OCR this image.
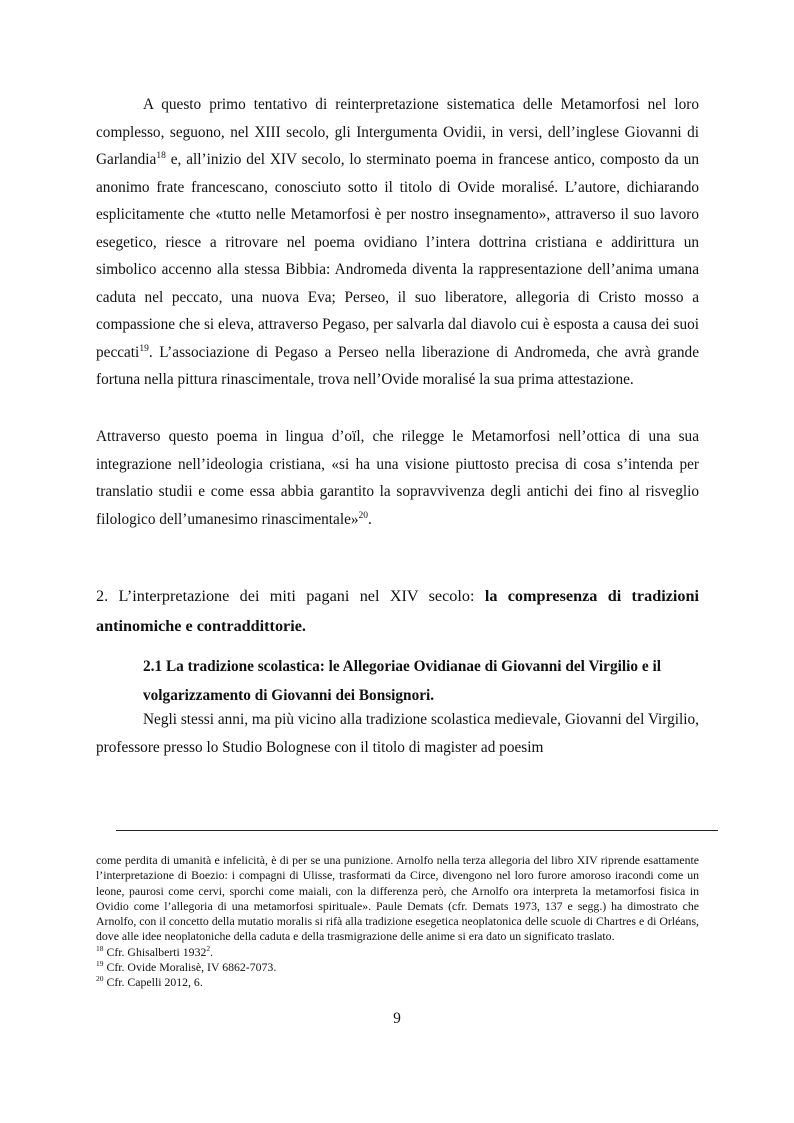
A questo primo tentativo di reinterpretazione sistematica delle Metamorfosi nel loro complesso, seguono, nel XIII secolo, gli Intergumenta Ovidii, in versi, dell’inglese Giovanni di Garlandia$^{18}$ e, all’inizio del XIV secolo, lo sterminato poema in francese antico, composto da un anonimo frate francescano, conosciuto sotto il titolo di Ovide moralisé. L’autore, dichiarando esplicitamente che «tutto nelle Metamorfosi è per nostro insegnamento», attraverso il suo lavoro esegetico, riesce a ritrovare nel poema ovidiano l’intera dottrina cristiana e addirittura un simbolico accenno alla stessa Bibbia: Andromeda diventa la rappresentazione dell’anima umana caduta nel peccato, una nuova Eva; Perseo, il suo liberatore, allegoria di Cristo mosso a compassione che si eleva, attraverso Pegaso, per salvarla dal diavolo cui è esposta a causa dei suoi peccati$^{19}$. L’associazione di Pegaso a Perseo nella liberazione di Andromeda, che avrà grande fortuna nella pittura rinascimentale, trova nell’Ovide moralisé la sua prima attestazione.

Attraverso questo poema in lingua d’oïl, che rilegge le Metamorfosi nell’ottica di una sua integrazione nell’ideologia cristiana, «si ha una visione piuttosto precisa di cosa s’intenda per translatio studii e come essa abbia garantito la sopravvivenza degli antichi dei fino al risveglio filologico dell’umanesimo rinascimentale»$^{20}$.

2. L’interpretazione dei miti pagani nel XIV secolo: la compresenza di tradizioni antinomiche e contraddittorie.
2.1 La tradizione scolastica: le Allegoriae Ovidianae di Giovanni del Virgilio e il volgarizzamento di Giovanni dei Bonsignori.

Negli stessi anni, ma più vicino alla tradizione scolastica medievale, Giovanni del Virgilio, professore presso lo Studio Bolognese con il titolo di magister ad poesim

come perdita di umanità e infelicità, è di per se una punizione. Arnolfo nella terza allegoria del libro XIV riprende esattamente l’interpretazione di Boezio: i compagni di Ulisse, trasformati da Circe, divengono nel loro furore amoroso iracondi come un leone, paurosi come cervi, sporchi come maiali, con la differenza però, che Arnolfo ora interpreta la metamorfosi fisica in Ovidio come l’allegoria di una metamorfosi spirituale». Paule Demats (cfr. Demats 1973, 137 e segg.) ha dimostrato che Arnolfo, con il concetto della mutatio moralis si rifà alla tradizione esegetica neoplatonica delle scuole di Chartres e di Orléans, dove alle idee neoplatoniche della caduta e della trasmigrazione delle anime si era dato un significato traslato.

$^{18}$ Cfr. Ghisalberti 1932$^2$.

$^{19}$ Cfr. Ovide Moralisè, IV 6862-7073.

$^{20}$ Cfr. Capelli 2012, 6.

9
